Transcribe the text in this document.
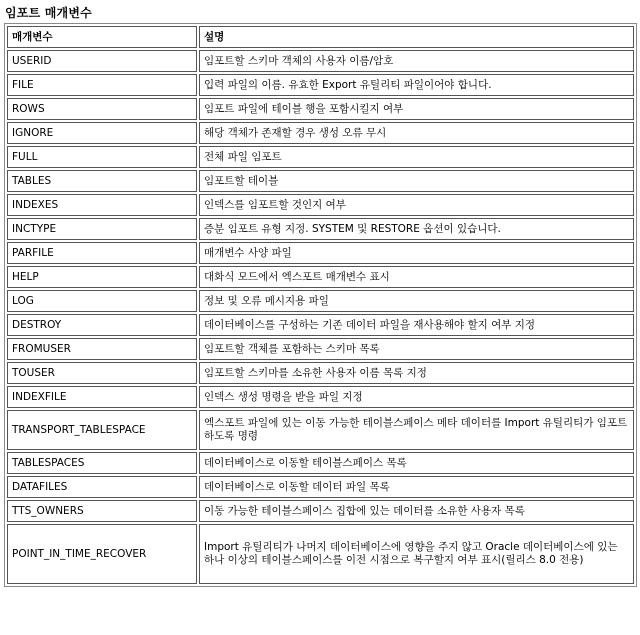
임포트 매개변수
매개변수	설명
USERID	임포트할 스키마 객체의 사용자 이름/암호
FILE	입력 파일의 이름. 유효한 Export 유틸리티 파일이어야 합니다.
ROWS	임포트 파일에 테이블 행을 포함시킬지 여부
IGNORE	해당 객체가 존재할 경우 생성 오류 무시
FULL	전체 파일 임포트
TABLES	임포트할 테이블
INDEXES	인덱스를 임포트할 것인지 여부
INCTYPE	증분 임포트 유형 지정. SYSTEM 및 RESTORE 옵션이 있습니다.
PARFILE	매개변수 사양 파일
HELP	대화식 모드에서 엑스포트 매개변수 표시
LOG	정보 및 오류 메시지용 파일
DESTROY	데이터베이스를 구성하는 기존 데이터 파일을 재사용해야 할지 여부 지정
FROMUSER	임포트할 객체를 포함하는 스키마 목록
TOUSER	임포트할 스키마를 소유한 사용자 이름 목록 지정
INDEXFILE	인덱스 생성 명령을 받을 파일 지정
TRANSPORT_TABLESPACE	엑스포트 파일에 있는 이동 가능한 테이블스페이스 메타 데이터를 Import 유틸리티가 임포트하도록 명령
TABLESPACES	데이터베이스로 이동할 테이블스페이스 목록
DATAFILES	데이터베이스로 이동할 데이터 파일 목록
TTS_OWNERS	이동 가능한 테이블스페이스 집합에 있는 데이터를 소유한 사용자 목록
POINT_IN_TIME_RECOVER	Import 유틸리티가 나머지 데이터베이스에 영향을 주지 않고 Oracle 데이터베이스에 있는 하나 이상의 테이블스페이스를 이전 시점으로 복구할지 여부 표시(릴리스 8.0 전용)
